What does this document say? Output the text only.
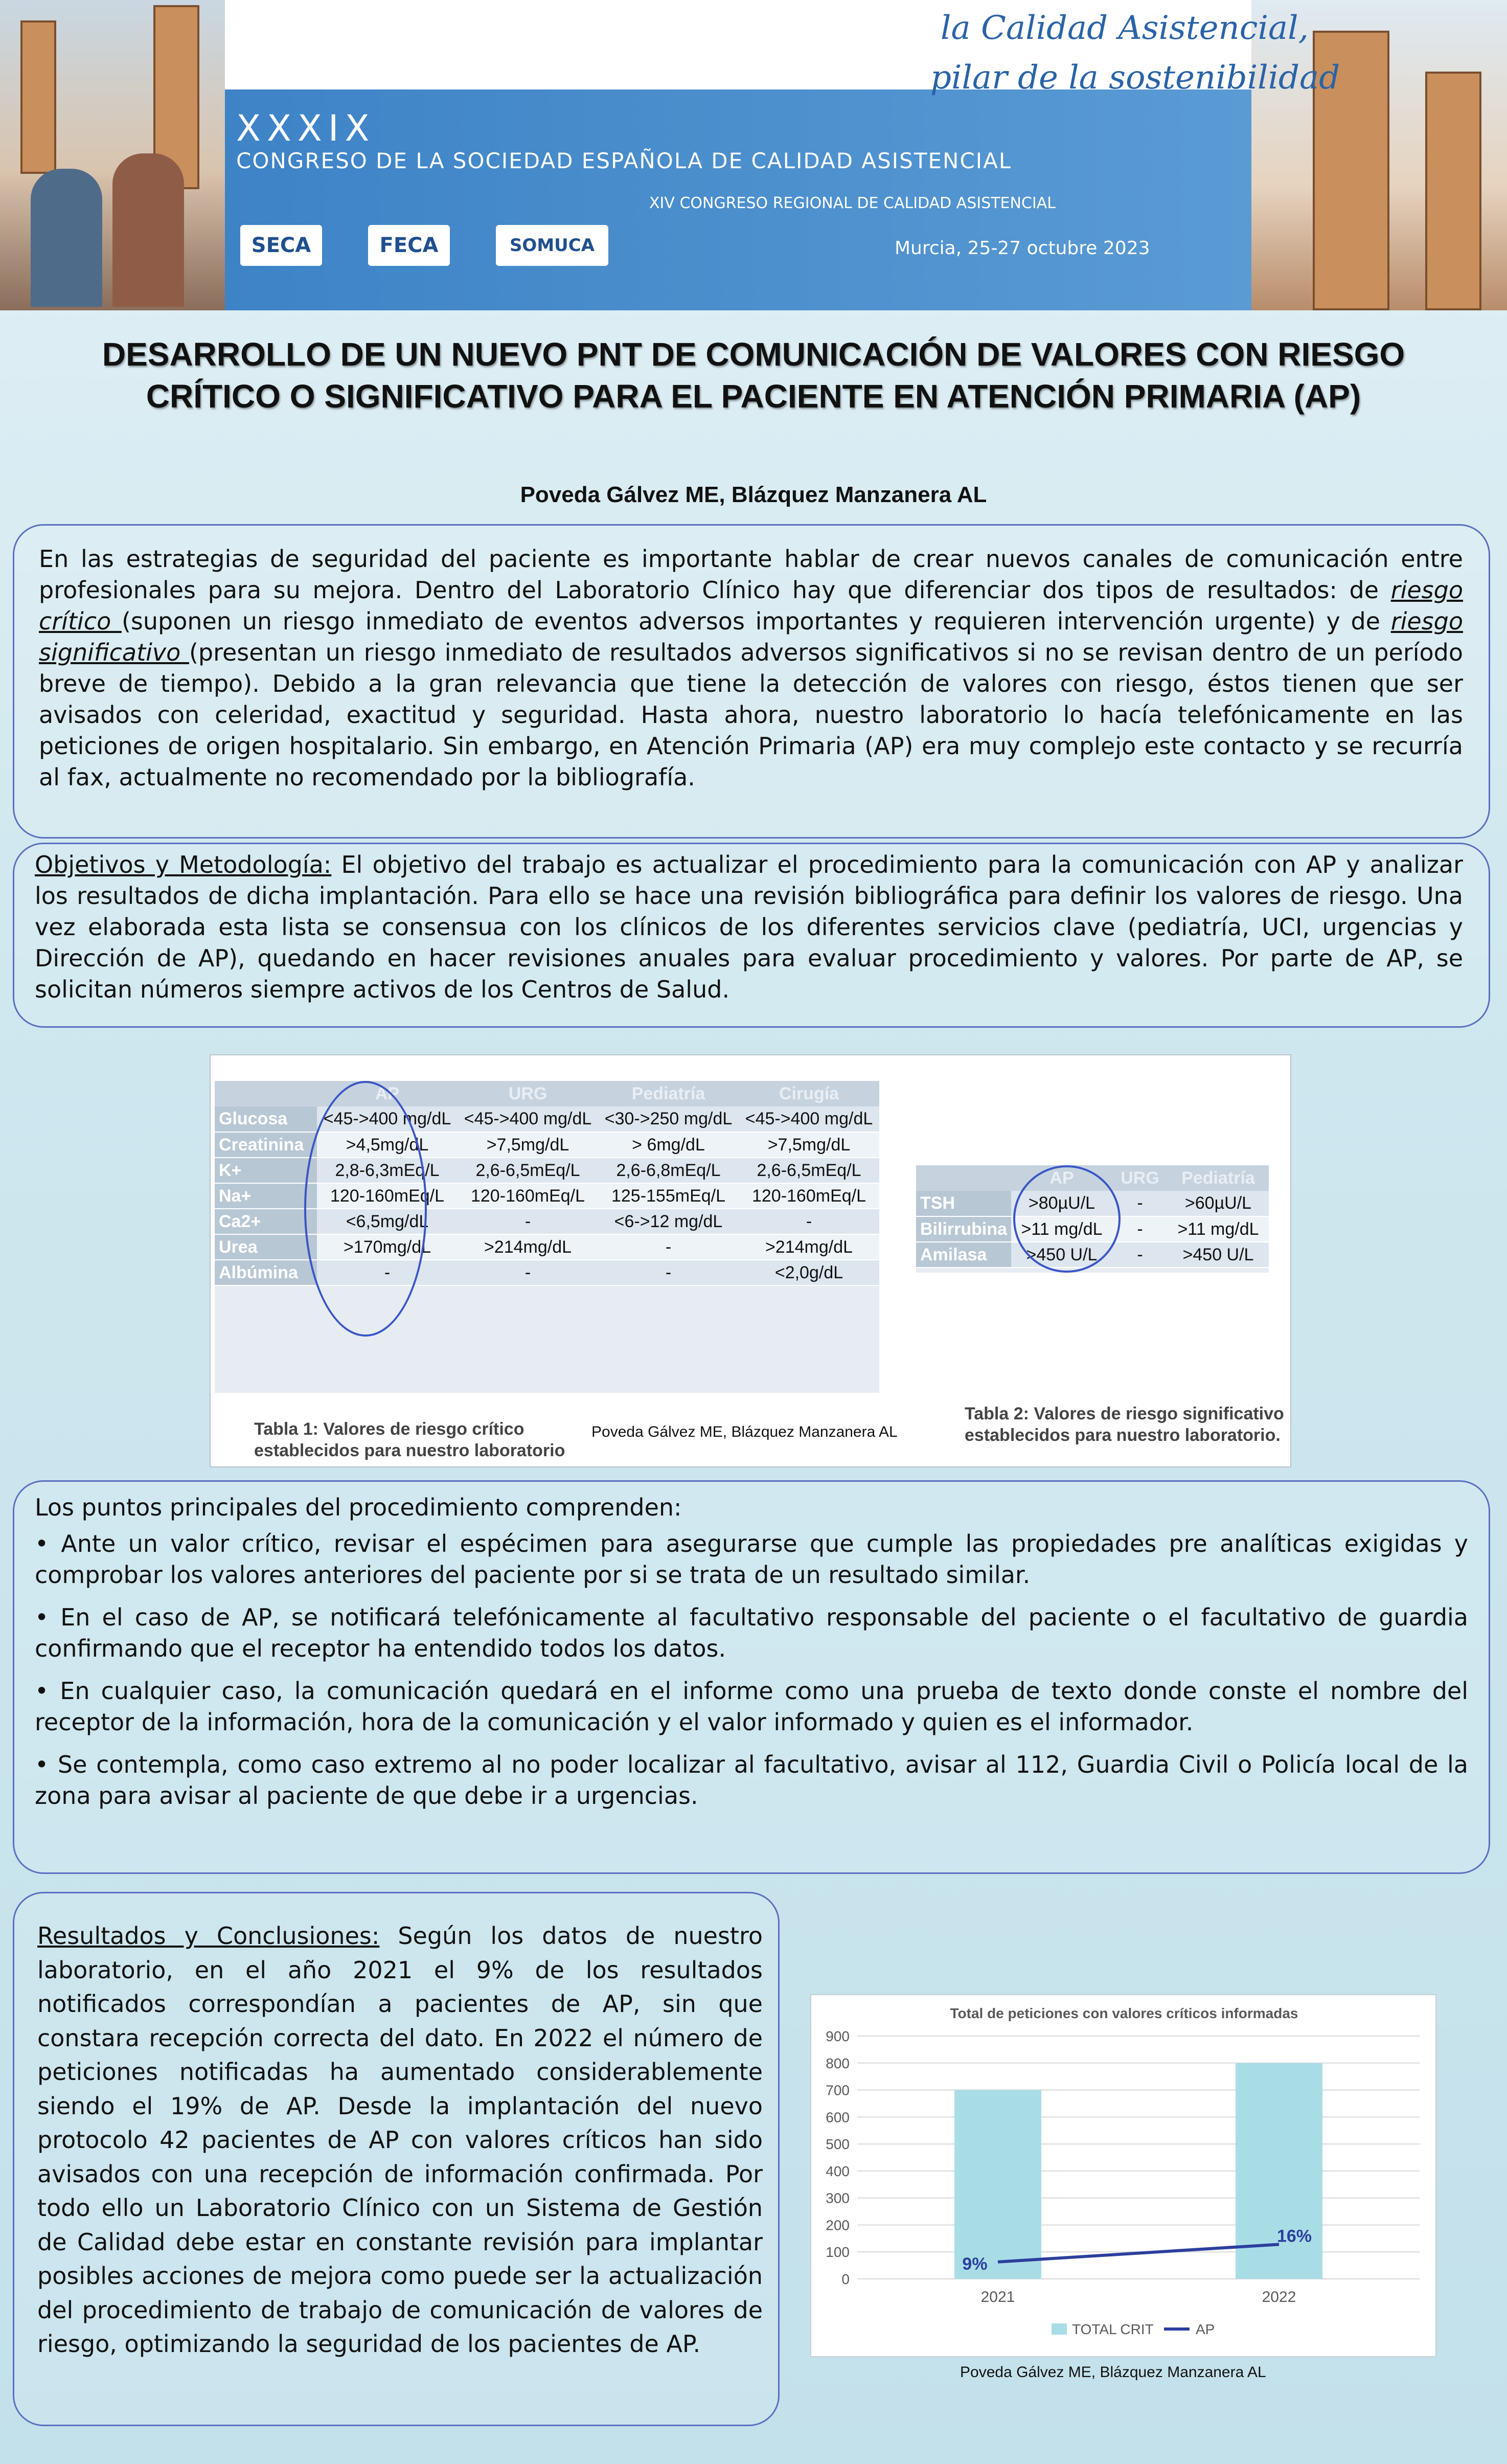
la Calidad Asistencial,
pilar de la sostenibilidad
XXXIX
CONGRESO DE LA SOCIEDAD ESPAÑOLA DE CALIDAD ASISTENCIAL
XIV CONGRESO REGIONAL DE CALIDAD ASISTENCIAL
SECA	FECA	SOMUCA	Murcia, 25-27 octubre 2023
DESARROLLO DE UN NUEVO PNT DE COMUNICACIÓN DE VALORES CON RIESGO CRÍTICO O SIGNIFICATIVO PARA EL PACIENTE EN ATENCIÓN PRIMARIA (AP)
Poveda Gálvez ME, Blázquez Manzanera AL

En las estrategias de seguridad del paciente es importante hablar de crear nuevos canales de comunicación entre profesionales para su mejora. Dentro del Laboratorio Clínico hay que diferenciar dos tipos de resultados: de riesgo crítico (suponen un riesgo inmediato de eventos adversos importantes y requieren intervención urgente) y de riesgo significativo (presentan un riesgo inmediato de resultados adversos significativos si no se revisan dentro de un período breve de tiempo). Debido a la gran relevancia que tiene la detección de valores con riesgo, éstos tienen que ser avisados con celeridad, exactitud y seguridad. Hasta ahora, nuestro laboratorio lo hacía telefónicamente en las peticiones de origen hospitalario. Sin embargo, en Atención Primaria (AP) era muy complejo este contacto y se recurría al fax, actualmente no recomendado por la bibliografía.

Objetivos y Metodología: El objetivo del trabajo es actualizar el procedimiento para la comunicación con AP y analizar los resultados de dicha implantación. Para ello se hace una revisión bibliográfica para definir los valores de riesgo. Una vez elaborada esta lista se consensua con los clínicos de los diferentes servicios clave (pediatría, UCI, urgencias y Dirección de AP), quedando en hacer revisiones anuales para evaluar procedimiento y valores. Por parte de AP, se solicitan números siempre activos de los Centros de Salud.

	AP	URG	Pediatría	Cirugía
Glucosa	<45->400 mg/dL	<45->400 mg/dL	<30->250 mg/dL	<45->400 mg/dL
Creatinina	>4,5mg/dL	>7,5mg/dL	> 6mg/dL	>7,5mg/dL
K+	2,8-6,3mEq/L	2,6-6,5mEq/L	2,6-6,8mEq/L	2,6-6,5mEq/L
Na+	120-160mEq/L	120-160mEq/L	125-155mEq/L	120-160mEq/L
Ca2+	<6,5mg/dL	-	<6->12 mg/dL	-
Urea	>170mg/dL	>214mg/dL	-	>214mg/dL
Albúmina	-	-	-	<2,0g/dL
	AP	URG	Pediatría
TSH	>80µU/L	-	>60µU/L
Bilirrubina	>11 mg/dL	-	>11 mg/dL
Amilasa	>450 U/L	-	>450 U/L
Tabla 1: Valores de riesgo crítico establecidos para nuestro laboratorio
Poveda Gálvez ME, Blázquez Manzanera AL
Tabla 2: Valores de riesgo significativo establecidos para nuestro laboratorio.

Los puntos principales del procedimiento comprenden:

• Ante un valor crítico, revisar el espécimen para asegurarse que cumple las propiedades pre analíticas exigidas y comprobar los valores anteriores del paciente por si se trata de un resultado similar.

• En el caso de AP, se notificará telefónicamente al facultativo responsable del paciente o el facultativo de guardia confirmando que el receptor ha entendido todos los datos.

• En cualquier caso, la comunicación quedará en el informe como una prueba de texto donde conste el nombre del receptor de la información, hora de la comunicación y el valor informado y quien es el informador.

• Se contempla, como caso extremo al no poder localizar al facultativo, avisar al 112, Guardia Civil o Policía local de la zona para avisar al paciente de que debe ir a urgencias.

Resultados y Conclusiones: Según los datos de nuestro laboratorio, en el año 2021 el 9% de los resultados notificados correspondían a pacientes de AP, sin que constara recepción correcta del dato. En 2022 el número de peticiones notificadas ha aumentado considerablemente siendo el 19% de AP. Desde la implantación del nuevo protocolo 42 pacientes de AP con valores críticos han sido avisados con una recepción de información confirmada. Por todo ello un Laboratorio Clínico con un Sistema de Gestión de Calidad debe estar en constante revisión para implantar posibles acciones de mejora como puede ser la actualización del procedimiento de trabajo de comunicación de valores de riesgo, optimizando la seguridad de los pacientes de AP.

Total de peticiones con valores críticos informadas
0
100
200
300
400
500
600
700
800
900
2021	2022
9%
16%
TOTAL CRIT	AP
Poveda Gálvez ME, Blázquez Manzanera AL
